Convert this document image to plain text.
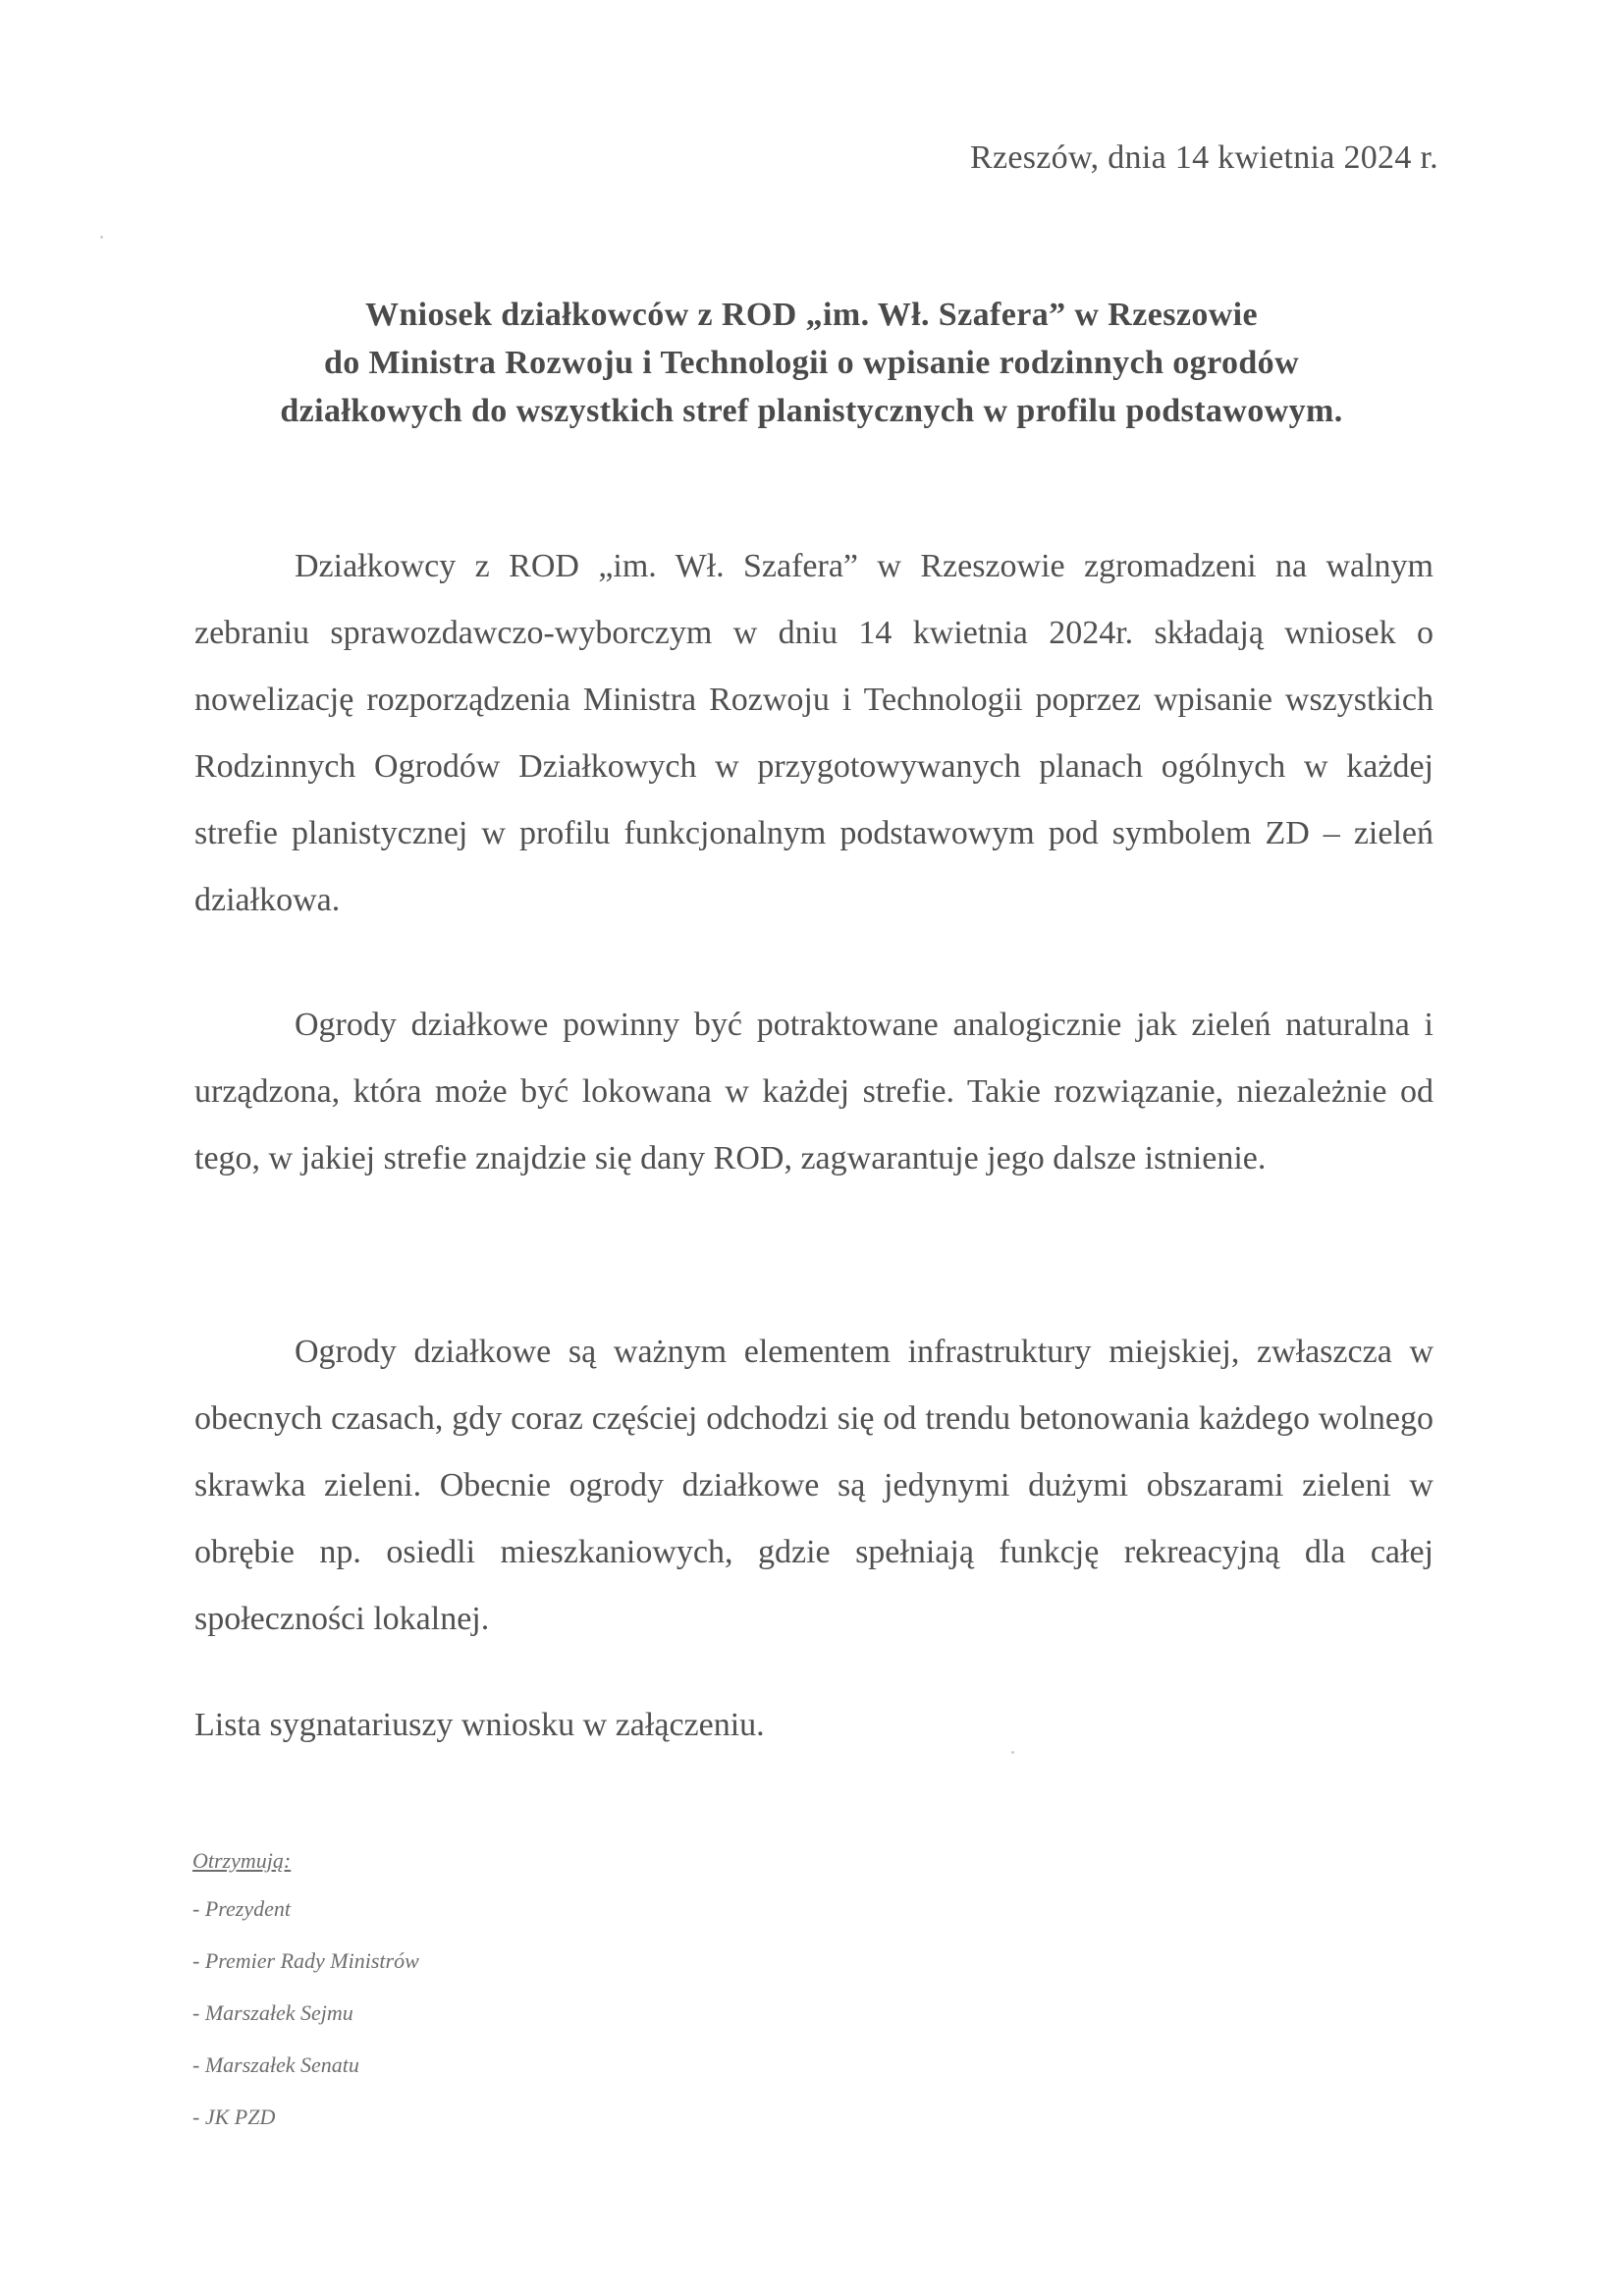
Rzeszów, dnia 14 kwietnia 2024 r.
Wniosek działkowców z ROD „im. Wł. Szafera” w Rzeszowie
do Ministra Rozwoju i Technologii o wpisanie rodzinnych ogrodów
działkowych do wszystkich stref planistycznych w profilu podstawowym.
Działkowcy z ROD „im. Wł. Szafera” w Rzeszowie zgromadzeni na walnym zebraniu sprawozdawczo-wyborczym w dniu 14 kwietnia 2024r. składają wniosek o nowelizację rozporządzenia Ministra Rozwoju i Technologii poprzez wpisanie wszystkich Rodzinnych Ogrodów Działkowych w przygotowywanych planach ogólnych w każdej strefie planistycznej w profilu funkcjonalnym podstawowym pod symbolem ZD – zieleń działkowa.
Ogrody działkowe powinny być potraktowane analogicznie jak zieleń naturalna i urządzona, która może być lokowana w każdej strefie. Takie rozwiązanie, niezależnie od tego, w jakiej strefie znajdzie się dany ROD, zagwarantuje jego dalsze istnienie.
Ogrody działkowe są ważnym elementem infrastruktury miejskiej, zwłaszcza w obecnych czasach, gdy coraz częściej odchodzi się od trendu betonowania każdego wolnego skrawka zieleni. Obecnie ogrody działkowe są jedynymi dużymi obszarami zieleni w obrębie np. osiedli mieszkaniowych, gdzie spełniają funkcję rekreacyjną dla całej społeczności lokalnej.
Lista sygnatariuszy wniosku w załączeniu.
Otrzymują:
- Prezydent
- Premier Rady Ministrów
- Marszałek Sejmu
- Marszałek Senatu
- JK PZD
